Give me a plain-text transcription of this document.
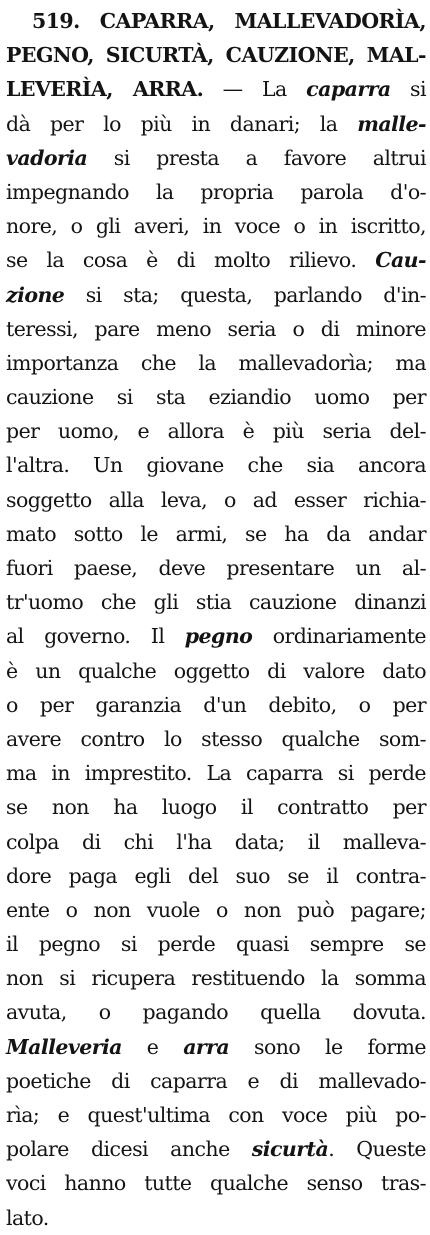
519. CAPARRA, MALLEVADORÌA,
PEGNO, SICURTÀ, CAUZIONE, MAL-
LEVERÌA, ARRA. — La caparra si
dà per lo più in danari; la malle-
vadoria si presta a favore altrui
impegnando la propria parola d'o-
nore, o gli averi, in voce o in iscritto,
se la cosa è di molto rilievo. Cau-
zione si sta; questa, parlando d'in-
teressi, pare meno seria o di minore
importanza che la mallevadorìa; ma
cauzione si sta eziandio uomo per
per uomo, e allora è più seria del-
l'altra. Un giovane che sia ancora
soggetto alla leva, o ad esser richia-
mato sotto le armi, se ha da andar
fuori paese, deve presentare un al-
tr'uomo che gli stia cauzione dinanzi
al governo. Il pegno ordinariamente
è un qualche oggetto di valore dato
o per garanzia d'un debito, o per
avere contro lo stesso qualche som-
ma in imprestito. La caparra si perde
se non ha luogo il contratto per
colpa di chi l'ha data; il malleva-
dore paga egli del suo se il contra-
ente o non vuole o non può pagare;
il pegno si perde quasi sempre se
non si ricupera restituendo la somma
avuta, o pagando quella dovuta.
Malleveria e arra sono le forme
poetiche di caparra e di mallevado-
rìa; e quest'ultima con voce più po-
polare dicesi anche sicurtà. Queste
voci hanno tutte qualche senso tras-
lato.
